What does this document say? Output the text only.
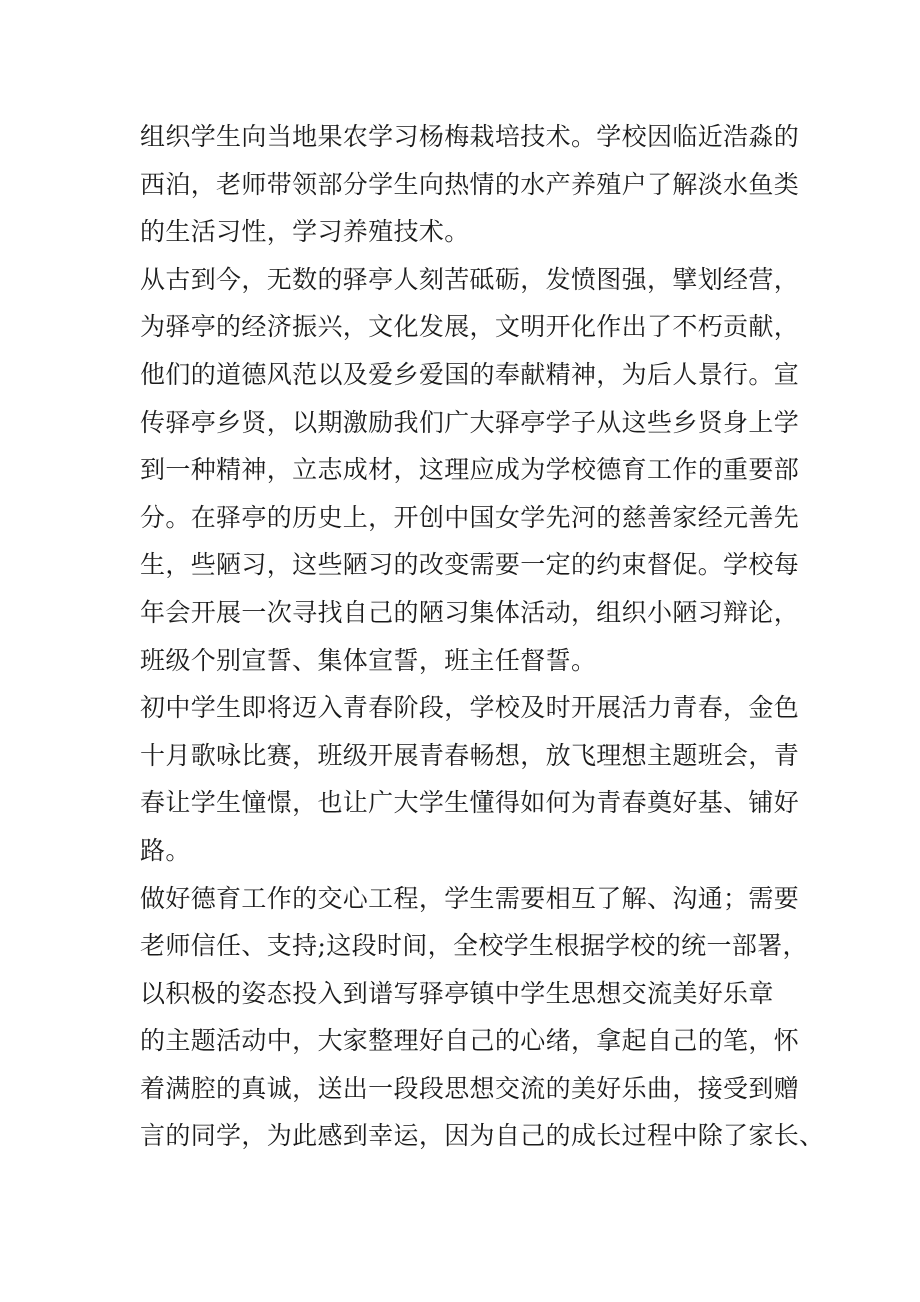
组织学生向当地果农学习杨梅栽培技术。学校因临近浩淼的
西泊，老师带领部分学生向热情的水产养殖户了解淡水鱼类
的生活习性，学习养殖技术。
从古到今，无数的驿亭人刻苦砥砺，发愤图强，擘划经营，
为驿亭的经济振兴，文化发展，文明开化作出了不朽贡献，
他们的道德风范以及爱乡爱国的奉献精神，为后人景行。宣
传驿亭乡贤，以期激励我们广大驿亭学子从这些乡贤身上学
到一种精神，立志成材，这理应成为学校德育工作的重要部
分。在驿亭的历史上，开创中国女学先河的慈善家经元善先
生，些陋习，这些陋习的改变需要一定的约束督促。学校每
年会开展一次寻找自己的陋习集体活动，组织小陋习辩论，
班级个别宣誓、集体宣誓，班主任督誓。
初中学生即将迈入青春阶段，学校及时开展活力青春，金色
十月歌咏比赛，班级开展青春畅想，放飞理想主题班会，青
春让学生憧憬，也让广大学生懂得如何为青春奠好基、铺好
路。
做好德育工作的交心工程，学生需要相互了解、沟通；需要
老师信任、支持;这段时间，全校学生根据学校的统一部署，
以积极的姿态投入到谱写驿亭镇中学生思想交流美好乐章
的主题活动中，大家整理好自己的心绪，拿起自己的笔，怀
着满腔的真诚，送出一段段思想交流的美好乐曲，接受到赠
言的同学，为此感到幸运，因为自己的成长过程中除了家长、
